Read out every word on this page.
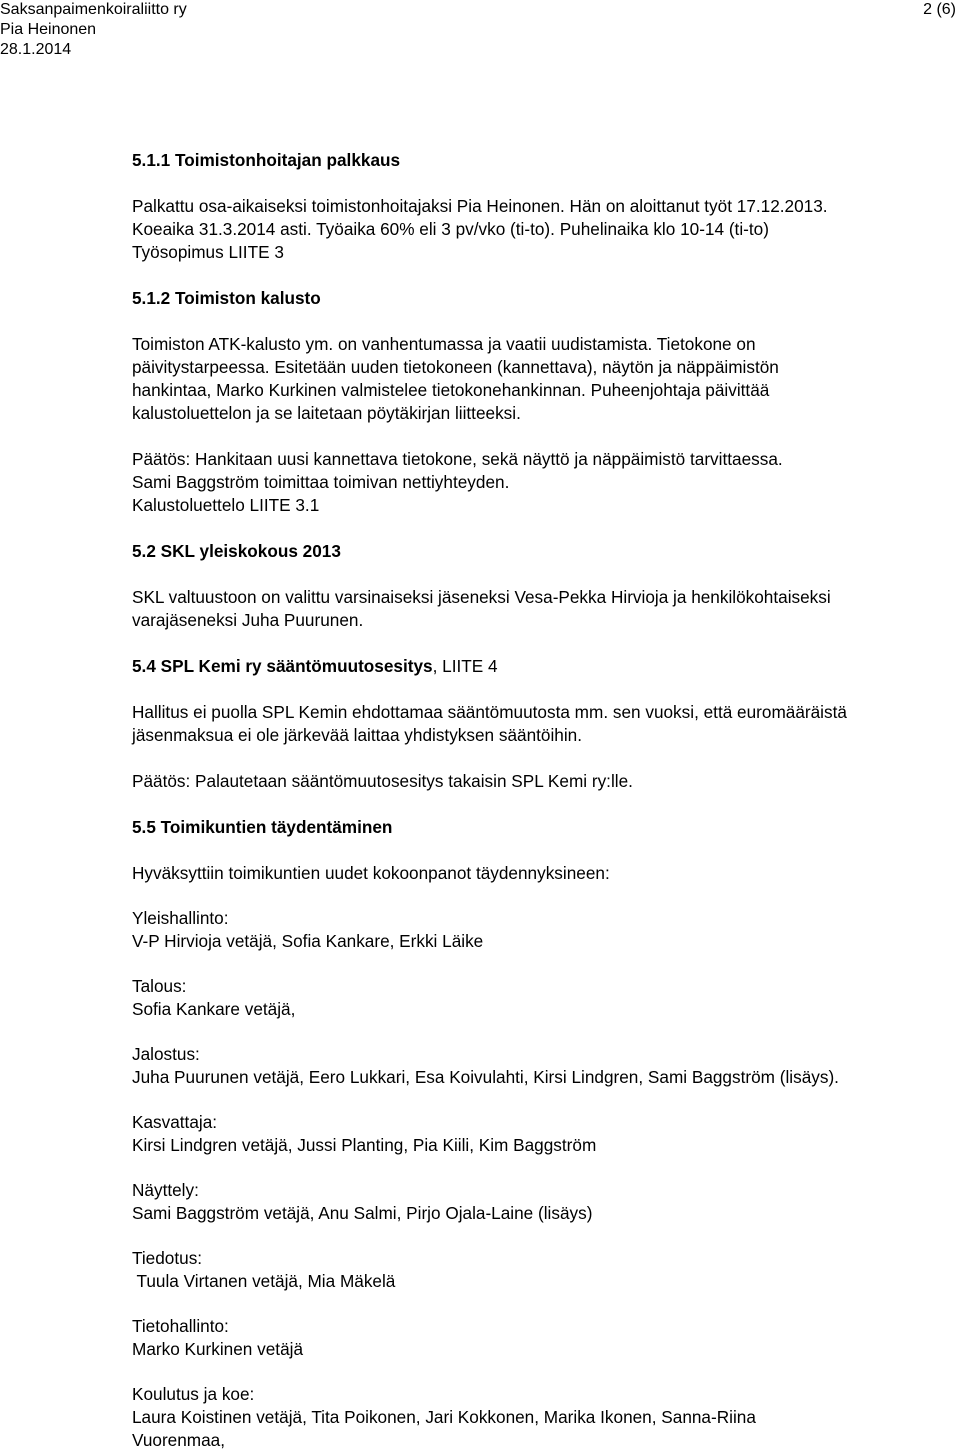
Saksanpaimenkoiraliitto ry
Pia Heinonen
28.1.2014
2 (6)

5.1.1 Toimistonhoitajan palkkaus

Palkattu osa-aikaiseksi toimistonhoitajaksi Pia Heinonen. Hän on aloittanut työt 17.12.2013.

Koeaika 31.3.2014 asti. Työaika 60% eli 3 pv/vko (ti-to). Puhelinaika klo 10-14 (ti-to)

Työsopimus LIITE 3

5.1.2 Toimiston kalusto

Toimiston ATK-kalusto ym. on vanhentumassa ja vaatii uudistamista. Tietokone on

päivitystarpeessa. Esitetään uuden tietokoneen (kannettava), näytön ja näppäimistön

hankintaa, Marko Kurkinen valmistelee tietokonehankinnan. Puheenjohtaja päivittää

kalustoluettelon ja se laitetaan pöytäkirjan liitteeksi.

Päätös: Hankitaan uusi kannettava tietokone, sekä näyttö ja näppäimistö tarvittaessa.

Sami Baggström toimittaa toimivan nettiyhteyden.

Kalustoluettelo LIITE 3.1

5.2 SKL yleiskokous 2013

SKL valtuustoon on valittu varsinaiseksi jäseneksi Vesa-Pekka Hirvioja ja henkilökohtaiseksi

varajäseneksi Juha Puurunen.

5.4 SPL Kemi ry sääntömuutosesitys, LIITE 4

Hallitus ei puolla SPL Kemin ehdottamaa sääntömuutosta mm. sen vuoksi, että euromääräistä

jäsenmaksua ei ole järkevää laittaa yhdistyksen sääntöihin.

Päätös: Palautetaan sääntömuutosesitys takaisin SPL Kemi ry:lle.

5.5 Toimikuntien täydentäminen

Hyväksyttiin toimikuntien uudet kokoonpanot täydennyksineen:

Yleishallinto:

V-P Hirvioja vetäjä, Sofia Kankare, Erkki Läike

Talous:

Sofia Kankare vetäjä,

Jalostus:

Juha Puurunen vetäjä, Eero Lukkari, Esa Koivulahti, Kirsi Lindgren, Sami Baggström (lisäys).

Kasvattaja:

Kirsi Lindgren vetäjä, Jussi Planting, Pia Kiili, Kim Baggström

Näyttely:

Sami Baggström vetäjä, Anu Salmi, Pirjo Ojala-Laine (lisäys)

Tiedotus:

Tuula Virtanen vetäjä, Mia Mäkelä

Tietohallinto:

Marko Kurkinen vetäjä

Koulutus ja koe:

Laura Koistinen vetäjä, Tita Poikonen, Jari Kokkonen, Marika Ikonen, Sanna-Riina

Vuorenmaa,
